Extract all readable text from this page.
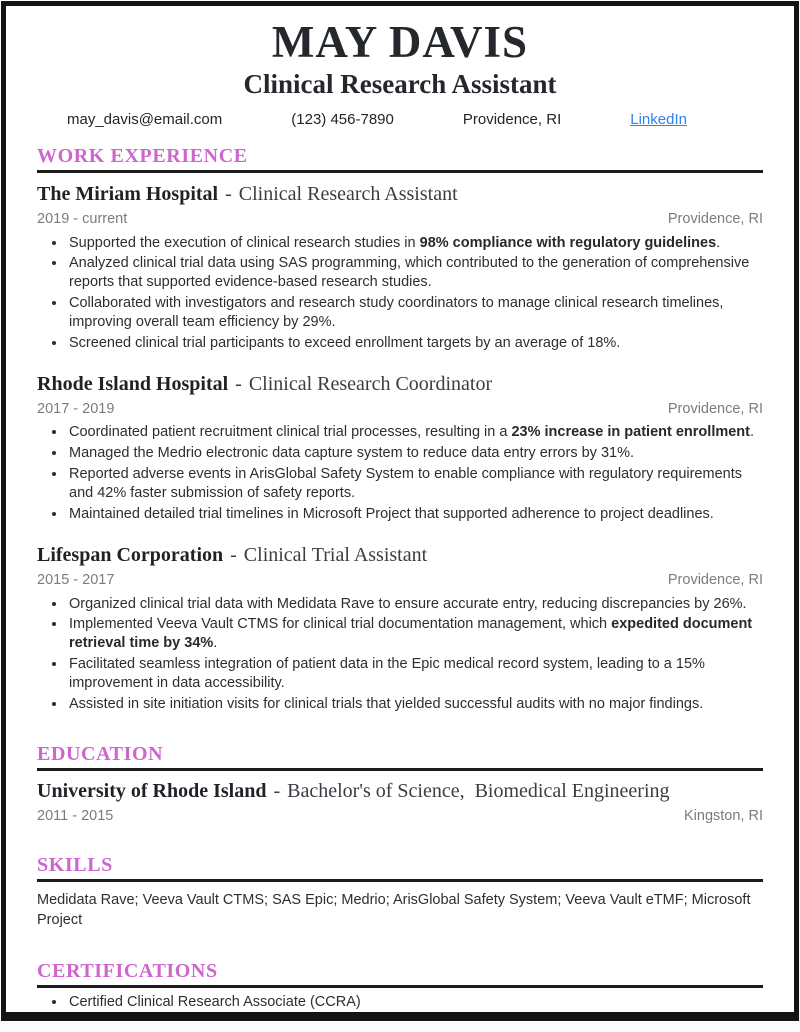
MAY DAVIS
Clinical Research Assistant
may_davis@email.com	(123) 456-7890	Providence, RI	LinkedIn
WORK EXPERIENCE
The Miriam Hospital - Clinical Research Assistant
2019 - current	Providence, RI
• Supported the execution of clinical research studies in 98% compliance with regulatory guidelines.
• Analyzed clinical trial data using SAS programming, which contributed to the generation of comprehensive reports that supported evidence-based research studies.
• Collaborated with investigators and research study coordinators to manage clinical research timelines, improving overall team efficiency by 29%.
• Screened clinical trial participants to exceed enrollment targets by an average of 18%.
Rhode Island Hospital - Clinical Research Coordinator
2017 - 2019	Providence, RI
• Coordinated patient recruitment clinical trial processes, resulting in a 23% increase in patient enrollment.
• Managed the Medrio electronic data capture system to reduce data entry errors by 31%.
• Reported adverse events in ArisGlobal Safety System to enable compliance with regulatory requirements and 42% faster submission of safety reports.
• Maintained detailed trial timelines in Microsoft Project that supported adherence to project deadlines.
Lifespan Corporation - Clinical Trial Assistant
2015 - 2017	Providence, RI
• Organized clinical trial data with Medidata Rave to ensure accurate entry, reducing discrepancies by 26%.
• Implemented Veeva Vault CTMS for clinical trial documentation management, which expedited document retrieval time by 34%.
• Facilitated seamless integration of patient data in the Epic medical record system, leading to a 15% improvement in data accessibility.
• Assisted in site initiation visits for clinical trials that yielded successful audits with no major findings.
EDUCATION
University of Rhode Island - Bachelor's of Science,  Biomedical Engineering
2011 - 2015	Kingston, RI
SKILLS

Medidata Rave; Veeva Vault CTMS; SAS Epic; Medrio; ArisGlobal Safety System; Veeva Vault eTMF; Microsoft Project

CERTIFICATIONS
• Certified Clinical Research Associate (CCRA)
